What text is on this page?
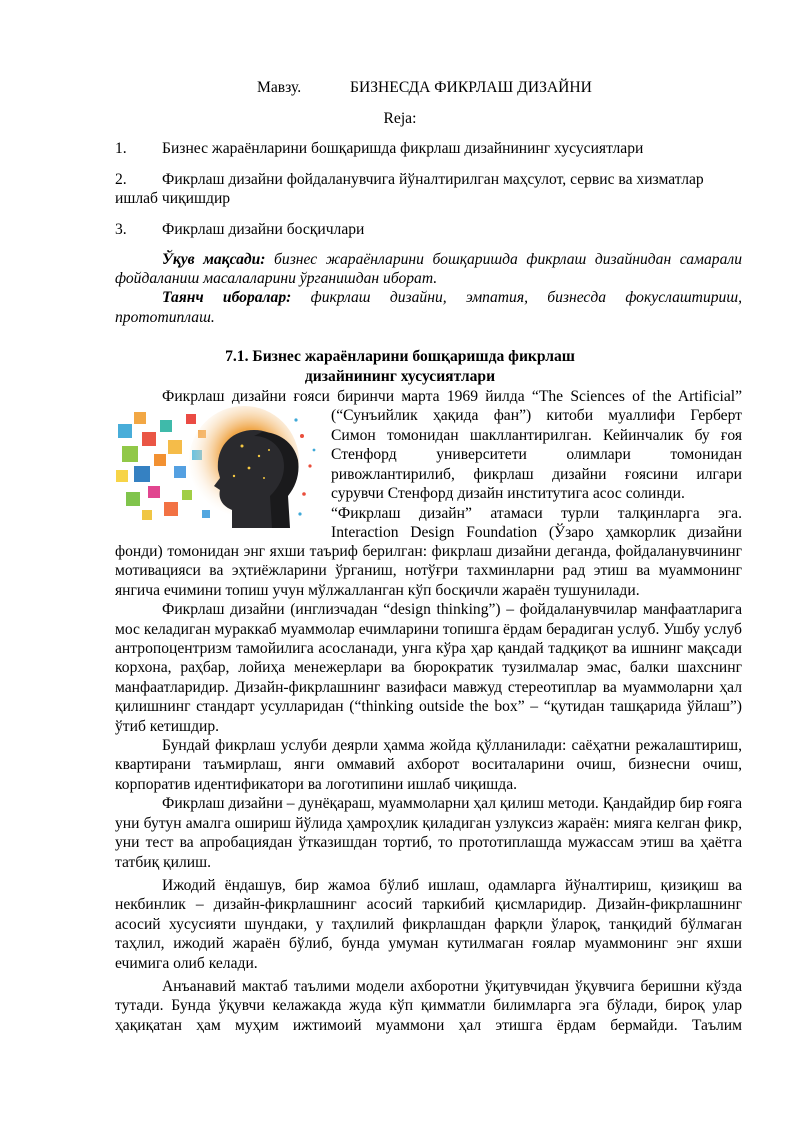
Мавзу.	БИЗНЕСДА ФИКРЛАШ ДИЗАЙНИ
Reja:
1. Бизнес жараёнларини бошқаришда фикрлаш дизайнининг хусусиятлари
2. Фикрлаш дизайни фойдаланувчига йўналтирилган маҳсулот, сервис ва хизматлар
ишлаб чиқишдир
3. Фикрлаш дизайни босқичлари
Ўқув мақсади: бизнес жараёнларини бошқаришда фикрлаш дизайнидан самарали
фойдаланиш масалаларини ўрганишдан иборат.
Таянч иборалар: фикрлаш дизайни, эмпатия, бизнесда фокуслаштириш,
прототиплаш.
7.1. Бизнес жараёнларини бошқаришда фикрлаш
дизайнининг хусусиятлари
Фикрлаш дизайни ғояси биринчи марта 1969 йилда “The Sciences of the Artificial”
(“Сунъийлик ҳақида фан”) китоби муаллифи Герберт
Симон томонидан шакллантирилган. Кейинчалик бу ғоя
Стенфорд университети олимлари томонидан
ривожлантирилиб, фикрлаш дизайни ғоясини илгари
сурувчи Стенфорд дизайн институтига асос солинди.
“Фикрлаш дизайн” атамаси турли талқинларга эга.
Interaction Design Foundation (Ўзаро ҳамкорлик дизайни

фонди) томонидан энг яхши таъриф берилган: фикрлаш дизайни деганда, фойдаланувчининг мотивацияси ва эҳтиёжларини ўрганиш, нотўғри тахминларни рад этиш ва муаммонинг янгича ечимини топиш учун мўлжалланган кўп босқичли жараён тушунилади.

Фикрлаш дизайни (инглизчадан “design thinking”) – фойдаланувчилар манфаатларига мос келадиган мураккаб муаммолар ечимларини топишга ёрдам берадиган услуб. Ушбу услуб антропоцентризм тамойилига асосланади, унга кўра ҳар қандай тадқиқот ва ишнинг мақсади корхона, раҳбар, лойиҳа менежерлари ва бюрократик тузилмалар эмас, балки шахснинг манфаатларидир. Дизайн-фикрлашнинг вазифаси мавжуд стереотиплар ва муаммоларни ҳал қилишнинг стандарт усулларидан (“thinking outside the box” – “қутидан ташқарида ўйлаш”) ўтиб кетишдир.

Бундай фикрлаш услуби деярли ҳамма жойда қўлланилади: саёҳатни режалаштириш, квартирани таъмирлаш, янги оммавий ахборот воситаларини очиш, бизнесни очиш, корпоратив идентификатори ва логотипини ишлаб чиқишда.

Фикрлаш дизайни – дунёқараш, муаммоларни ҳал қилиш методи. Қандайдир бир ғояга уни бутун амалга ошириш йўлида ҳамроҳлик қиладиган узлуксиз жараён: мияга келган фикр, уни тест ва апробациядан ўтказишдан тортиб, то прототиплашда мужассам этиш ва ҳаётга татбиқ қилиш.

Ижодий ёндашув, бир жамоа бўлиб ишлаш, одамларга йўналтириш, қизиқиш ва некбинлик – дизайн-фикрлашнинг асосий таркибий қисмларидир. Дизайн-фикрлашнинг асосий хусусияти шундаки, у таҳлилий фикрлашдан фарқли ўлароқ, танқидий бўлмаган таҳлил, ижодий жараён бўлиб, бунда умуман кутилмаган ғоялар муаммонинг энг яхши ечимига олиб келади.

Анъанавий мактаб таълими модели ахборотни ўқитувчидан ўқувчига беришни кўзда тутади. Бунда ўқувчи келажакда жуда кўп қимматли билимларга эга бўлади, бироқ улар ҳақиқатан ҳам муҳим ижтимоий муаммони ҳал этишга ёрдам бермайди. Таълим
